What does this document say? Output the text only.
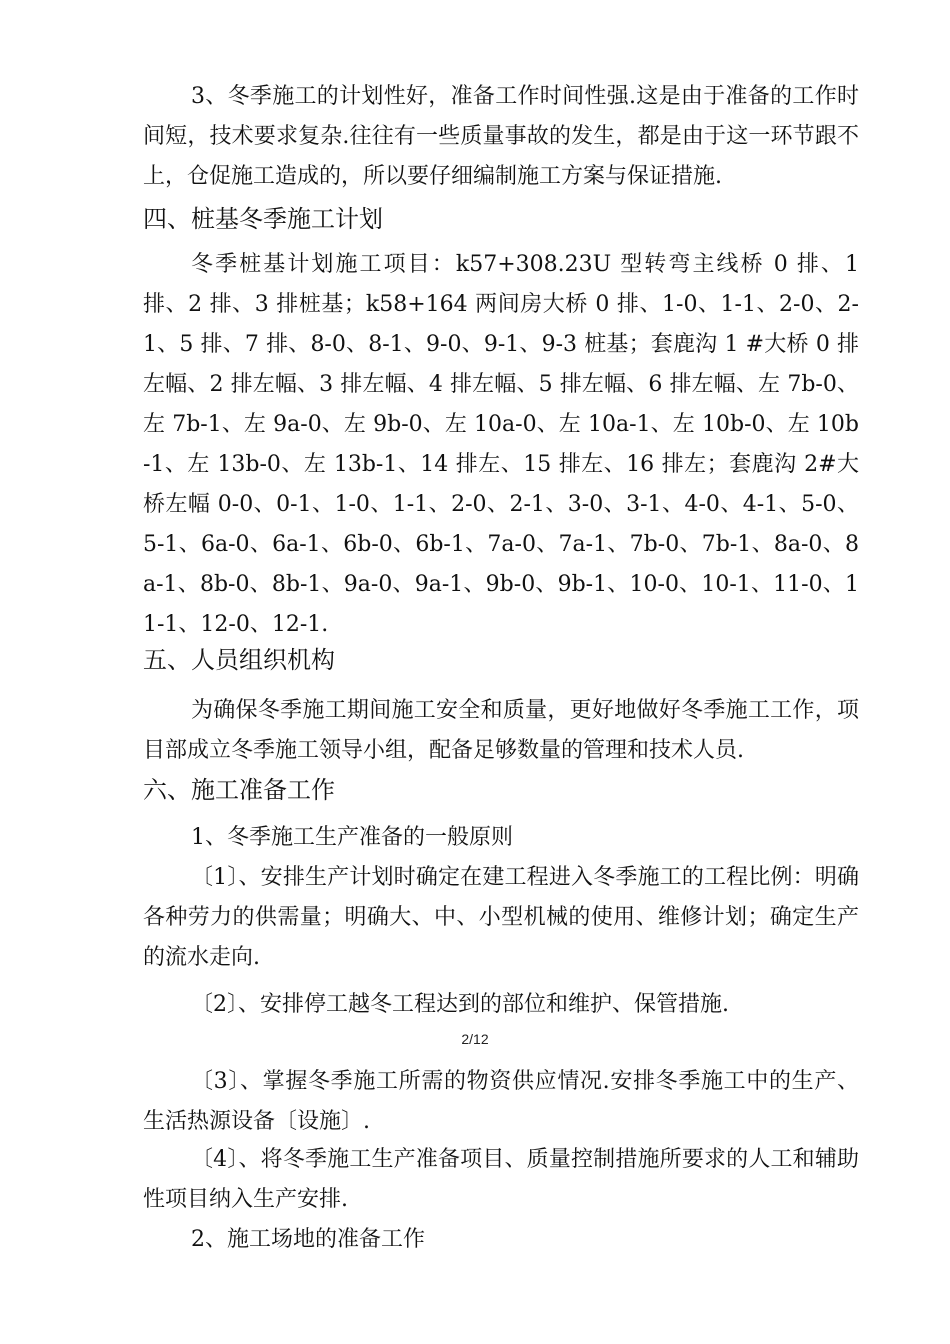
3、冬季施工的计划性好，准备工作时间性强.这是由于准备的工作时间短，技术要求复杂.往往有一些质量事故的发生，都是由于这一环节跟不上，仓促施工造成的，所以要仔细编制施工方案与保证措施.

四、桩基冬季施工计划

冬季桩基计划施工项目：k57+308.23U 型转弯主线桥 0 排、1 排、2 排、3 排桩基；k58+164 两间房大桥 0 排、1-0、1-1、2-0、2-1、5 排、7 排、8-0、8-1、9-0、9-1、9-3 桩基；套鹿沟 1 #大桥 0 排左幅、2 排左幅、3 排左幅、4 排左幅、5 排左幅、6 排左幅、左 7b-0、左 7b-1、左 9a-0、左 9b-0、左 10a-0、左 10a-1、左 10b-0、左 10b-1、左 13b-0、左 13b-1、14 排左、15 排左、16 排左；套鹿沟 2#大桥左幅 0-0、0-1、1-0、1-1、2-0、2-1、3-0、3-1、4-0、4-1、5-0、5-1、6a-0、6a-1、6b-0、6b-1、7a-0、7a-1、7b-0、7b-1、8a-0、8a-1、8b-0、8b-1、9a-0、9a-1、9b-0、9b-1、10-0、10-1、11-0、11-1、12-0、12-1.

五、人员组织机构

为确保冬季施工期间施工安全和质量，更好地做好冬季施工工作，项目部成立冬季施工领导小组，配备足够数量的管理和技术人员.

六、施工准备工作

1、冬季施工生产准备的一般原则

〔1〕、安排生产计划时确定在建工程进入冬季施工的工程比例：明确各种劳力的供需量；明确大、中、小型机械的使用、维修计划；确定生产的流水走向.

〔2〕、安排停工越冬工程达到的部位和维护、保管措施.

2/12

〔3〕、掌握冬季施工所需的物资供应情况.安排冬季施工中的生产、生活热源设备〔设施〕.

〔4〕、将冬季施工生产准备项目、质量控制措施所要求的人工和辅助性项目纳入生产安排.

2、施工场地的准备工作
